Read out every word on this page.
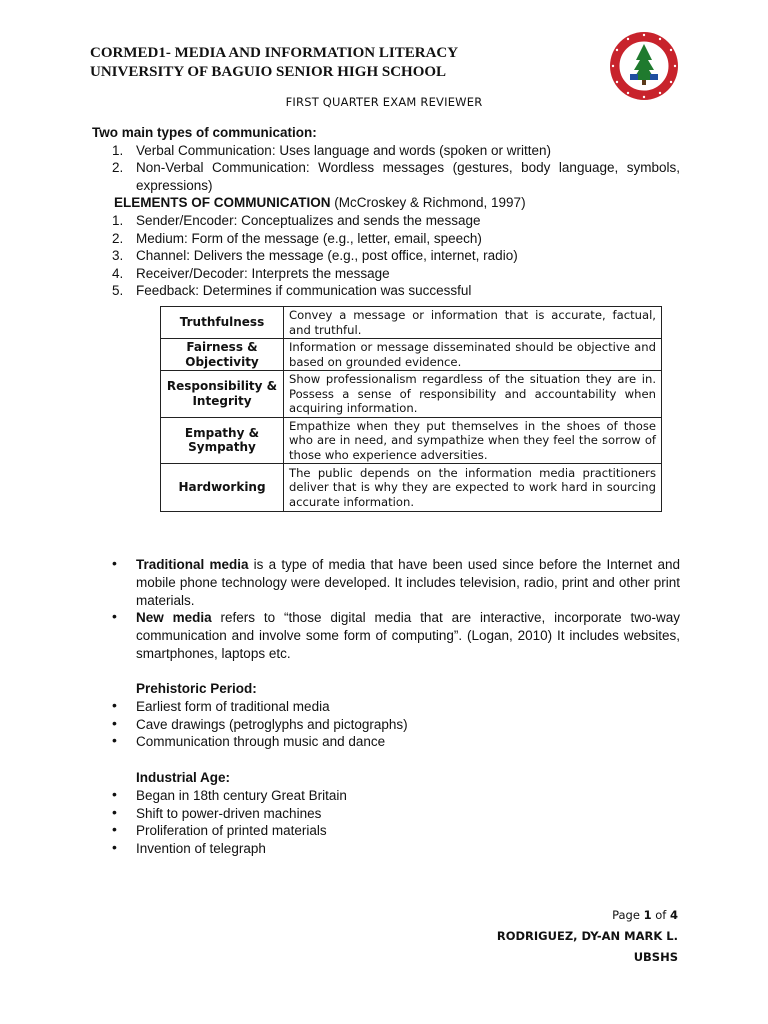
CORMED1- MEDIA AND INFORMATION LITERACY
UNIVERSITY OF BAGUIO SENIOR HIGH SCHOOL
FIRST QUARTER EXAM REVIEWER
Two main types of communication:
1. Verbal Communication: Uses language and words (spoken or written)
2. Non-Verbal Communication: Wordless messages (gestures, body language, symbols, expressions)
ELEMENTS OF COMMUNICATION (McCroskey & Richmond, 1997)
1. Sender/Encoder: Conceptualizes and sends the message
2. Medium: Form of the message (e.g., letter, email, speech)
3. Channel: Delivers the message (e.g., post office, internet, radio)
4. Receiver/Decoder: Interprets the message
5. Feedback: Determines if communication was successful
Truthfulness	Convey a message or information that is accurate, factual, and truthful.
Fairness & Objectivity	Information or message disseminated should be objective and based on grounded evidence.
Responsibility & Integrity	Show professionalism regardless of the situation they are in. Possess a sense of responsibility and accountability when acquiring information.
Empathy & Sympathy	Empathize when they put themselves in the shoes of those who are in need, and sympathize when they feel the sorrow of those who experience adversities.
Hardworking	The public depends on the information media practitioners deliver that is why they are expected to work hard in sourcing accurate information.
• Traditional media is a type of media that have been used since before the Internet and mobile phone technology were developed. It includes television, radio, print and other print materials.
• New media refers to “those digital media that are interactive, incorporate two-way communication and involve some form of computing”. (Logan, 2010) It includes websites, smartphones, laptops etc.
Prehistoric Period:
• Earliest form of traditional media
• Cave drawings (petroglyphs and pictographs)
• Communication through music and dance
Industrial Age:
• Began in 18th century Great Britain
• Shift to power-driven machines
• Proliferation of printed materials
• Invention of telegraph
Page 1 of 4
RODRIGUEZ, DY-AN MARK L.
UBSHS
